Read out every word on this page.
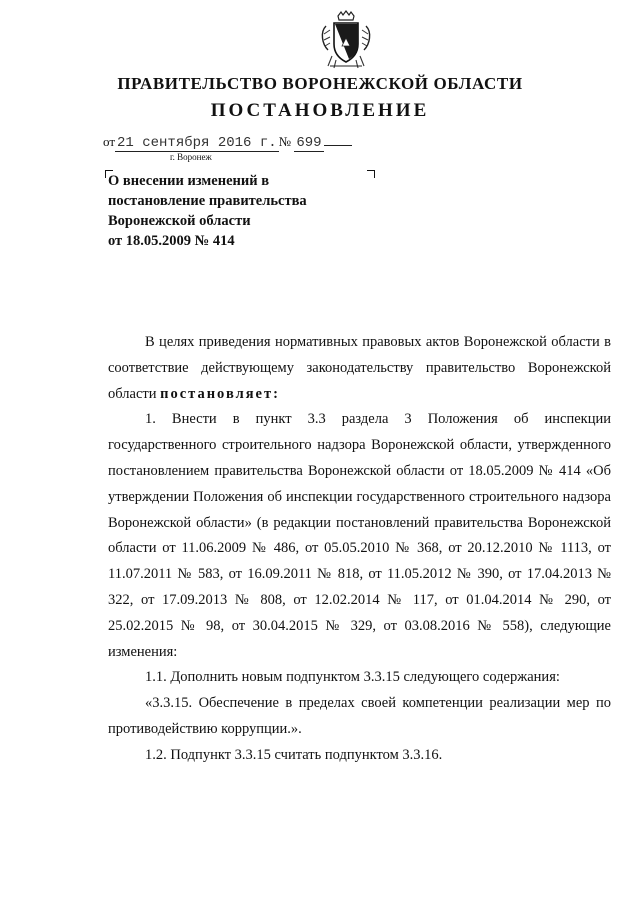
ПРАВИТЕЛЬСТВО ВОРОНЕЖСКОЙ ОБЛАСТИ
ПОСТАНОВЛЕНИЕ
от 21 сентября 2016 г. № 699
г. Воронеж
О внесении изменений в
постановление правительства
Воронежской области
от 18.05.2009 № 414

В целях приведения нормативных правовых актов Воронежской области в соответствие действующему законодательству правительство Воронежской области постановляет:

1. Внести в пункт 3.3 раздела 3 Положения об инспекции государственного строительного надзора Воронежской области, утвержденного постановлением правительства Воронежской области от 18.05.2009 № 414 «Об утверждении Положения об инспекции государственного строительного надзора Воронежской области» (в редакции постановлений правительства Воронежской области от 11.06.2009 № 486, от 05.05.2010 № 368, от 20.12.2010 № 1113, от 11.07.2011 № 583, от 16.09.2011 № 818, от 11.05.2012 № 390, от 17.04.2013 № 322, от 17.09.2013 № 808, от 12.02.2014 № 117, от 01.04.2014 № 290, от 25.02.2015 № 98, от 30.04.2015 № 329, от 03.08.2016 № 558), следующие изменения:

1.1. Дополнить новым подпунктом 3.3.15 следующего содержания:

«3.3.15. Обеспечение в пределах своей компетенции реализации мер по противодействию коррупции.».

1.2. Подпункт 3.3.15 считать подпунктом 3.3.16.
